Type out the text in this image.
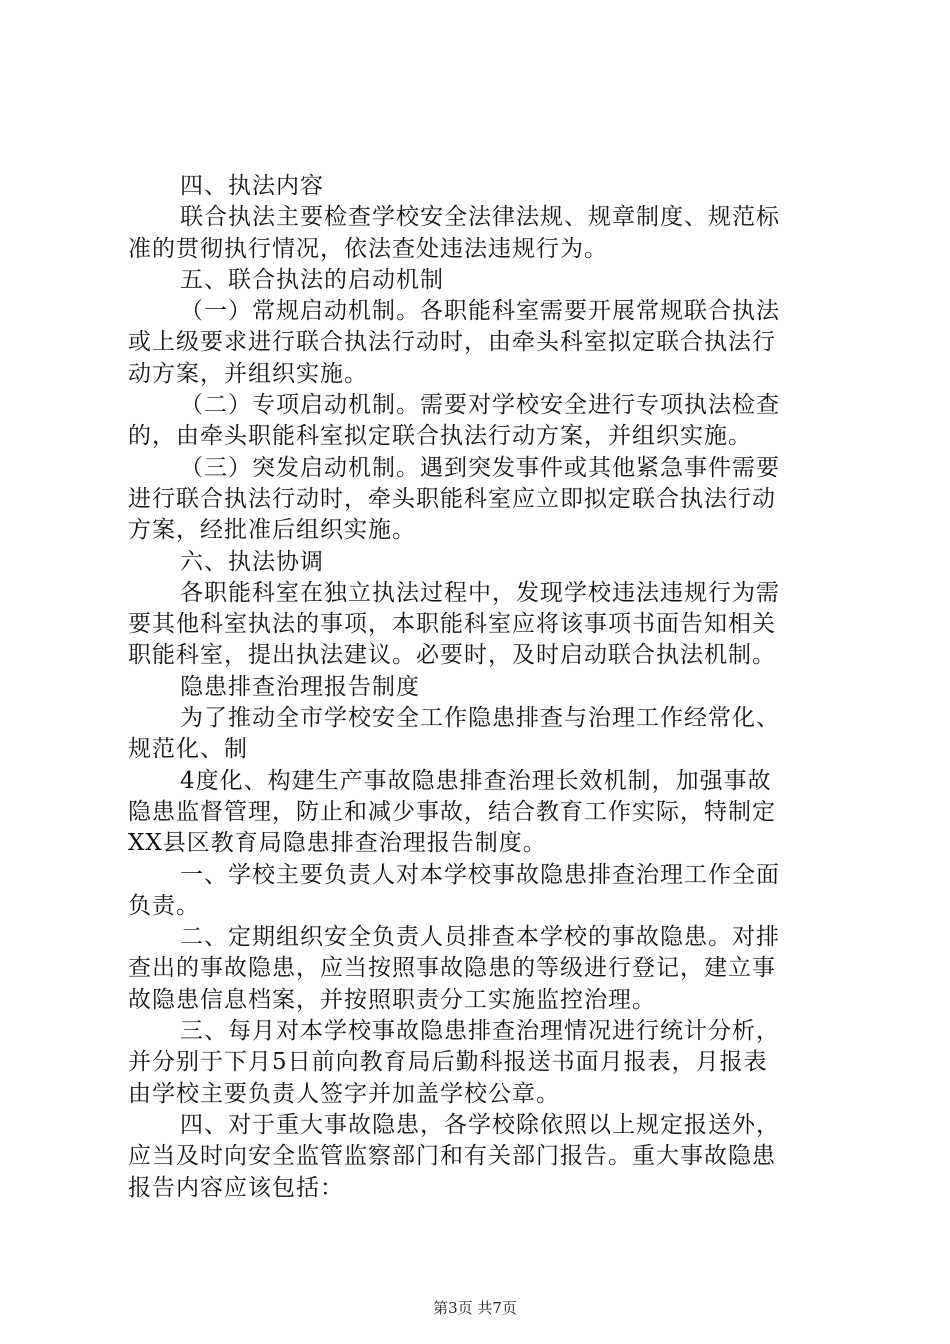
四、执法内容
联合执法主要检查学校安全法律法规、规章制度、规范标
准的贯彻执行情况，依法查处违法违规行为。
五、联合执法的启动机制
（一）常规启动机制。各职能科室需要开展常规联合执法
或上级要求进行联合执法行动时，由牵头科室拟定联合执法行
动方案，并组织实施。
（二）专项启动机制。需要对学校安全进行专项执法检查
的，由牵头职能科室拟定联合执法行动方案，并组织实施。
（三）突发启动机制。遇到突发事件或其他紧急事件需要
进行联合执法行动时，牵头职能科室应立即拟定联合执法行动
方案，经批准后组织实施。
六、执法协调
各职能科室在独立执法过程中，发现学校违法违规行为需
要其他科室执法的事项，本职能科室应将该事项书面告知相关
职能科室，提出执法建议。必要时，及时启动联合执法机制。
隐患排查治理报告制度
为了推动全市学校安全工作隐患排查与治理工作经常化、
规范化、制
4度化、构建生产事故隐患排查治理长效机制，加强事故
隐患监督管理，防止和减少事故，结合教育工作实际，特制定
XX县区教育局隐患排查治理报告制度。
一、学校主要负责人对本学校事故隐患排查治理工作全面
负责。
二、定期组织安全负责人员排查本学校的事故隐患。对排
查出的事故隐患，应当按照事故隐患的等级进行登记，建立事
故隐患信息档案，并按照职责分工实施监控治理。
三、每月对本学校事故隐患排查治理情况进行统计分析，
并分别于下月5日前向教育局后勤科报送书面月报表，月报表
由学校主要负责人签字并加盖学校公章。
四、对于重大事故隐患，各学校除依照以上规定报送外，
应当及时向安全监管监察部门和有关部门报告。重大事故隐患
报告内容应该包括：
第3页 共7页
